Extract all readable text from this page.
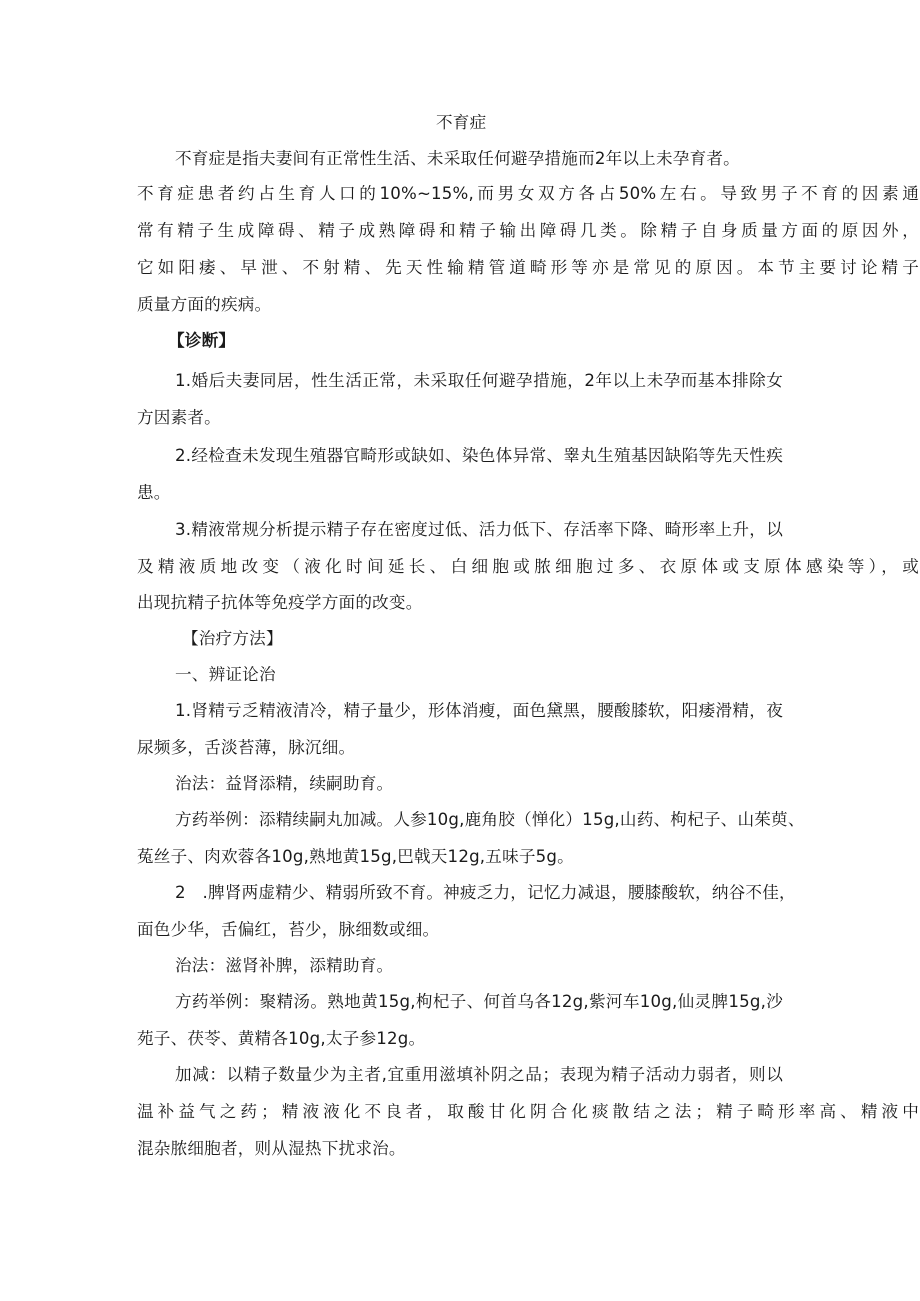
不育症

不育症是指夫妻间有正常性生活、未采取任何避孕措施而2年以上未孕育者。

不育症患者约占生育人口的10%~15%,而男女双方各占50%左右。导致男子不育的因素通

常有精子生成障碍、精子成熟障碍和精子输出障碍几类。除精子自身质量方面的原因外，

它如阳痿、早泄、不射精、先天性输精管道畸形等亦是常见的原因。本节主要讨论精子

质量方面的疾病。

【诊断】

1.婚后夫妻同居，性生活正常，未采取任何避孕措施，2年以上未孕而基本排除女

方因素者。

2.经检查未发现生殖器官畸形或缺如、染色体异常、睾丸生殖基因缺陷等先天性疾

患。

3.精液常规分析提示精子存在密度过低、活力低下、存活率下降、畸形率上升，以

及精液质地改变（液化时间延长、白细胞或脓细胞过多、衣原体或支原体感染等），或

出现抗精子抗体等免疫学方面的改变。

【治疗方法】

一、辨证论治

1.肾精亏乏精液清冷，精子量少，形体消瘦，面色黛黑，腰酸膝软，阳痿滑精，夜

尿频多，舌淡苔薄，脉沉细。

治法：益肾添精，续嗣助育。

方药举例：添精续嗣丸加减。人参10g,鹿角胶（惮化）15g,山药、枸杞子、山茱萸、

菟丝子、肉欢蓉各10g,熟地黄15g,巴戟天12g,五味子5g。

2　.脾肾两虚精少、精弱所致不育。神疲乏力，记忆力减退，腰膝酸软，纳谷不佳，

面色少华，舌偏红，苔少，脉细数或细。

治法：滋肾补脾，添精助育。

方药举例：聚精汤。熟地黄15g,枸杞子、何首乌各12g,紫河车10g,仙灵脾15g,沙

苑子、茯苓、黄精各10g,太子参12g。

加减：以精子数量少为主者,宜重用滋填补阴之品；表现为精子活动力弱者，则以

温补益气之药；精液液化不良者，取酸甘化阴合化痰散结之法；精子畸形率高、精液中

混杂脓细胞者，则从湿热下扰求治。
